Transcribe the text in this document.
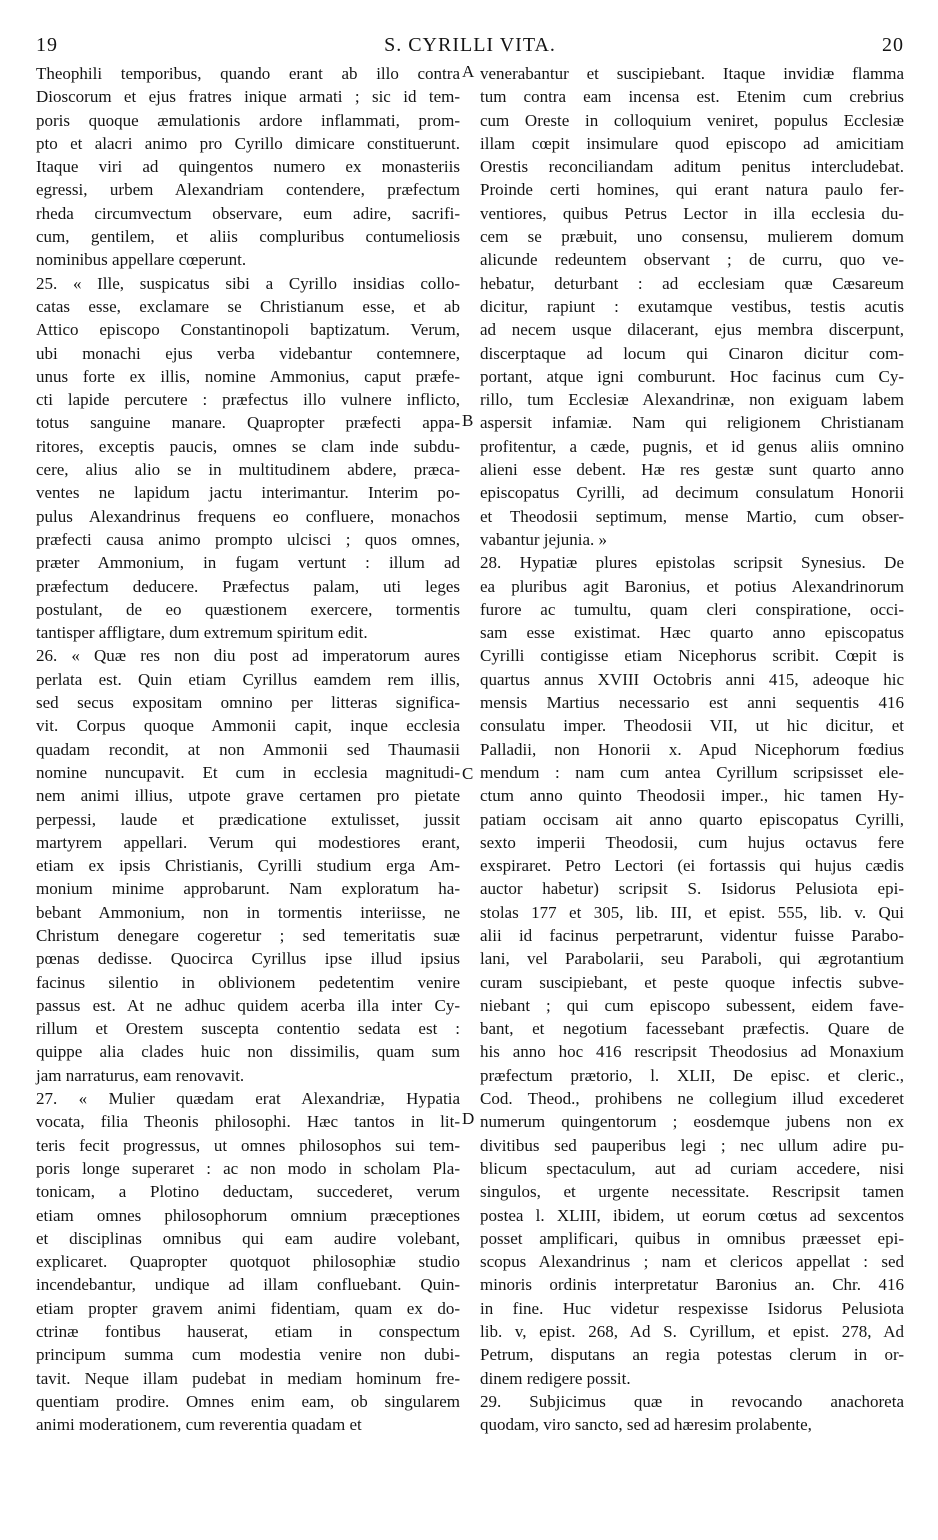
19	S. CYRILLI VITA.	20
Theophili temporibus, quando erant ab illo contra
Dioscorum et ejus fratres inique armati ; sic id tem-
poris quoque æmulationis ardore inflammati, prom-
pto et alacri animo pro Cyrillo dimicare constituerunt.
Itaque viri ad quingentos numero ex monasteriis
egressi, urbem Alexandriam contendere, præfectum
rheda circumvectum observare, eum adire, sacrifi-
cum, gentilem, et aliis compluribus contumeliosis
nominibus appellare cœperunt.
25. « Ille, suspicatus sibi a Cyrillo insidias collo-
catas esse, exclamare se Christianum esse, et ab
Attico episcopo Constantinopoli baptizatum. Verum,
ubi monachi ejus verba videbantur contemnere,
unus forte ex illis, nomine Ammonius, caput præfe-
cti lapide percutere : præfectus illo vulnere inflicto,
totus sanguine manare. Quapropter præfecti appa-
ritores, exceptis paucis, omnes se clam inde subdu-
cere, alius alio se in multitudinem abdere, præca-
ventes ne lapidum jactu interimantur. Interim po-
pulus Alexandrinus frequens eo confluere, monachos
præfecti causa animo prompto ulcisci ; quos omnes,
præter Ammonium, in fugam vertunt : illum ad
præfectum deducere. Præfectus palam, uti leges
postulant, de eo quæstionem exercere, tormentis
tantisper affligtare, dum extremum spiritum edit.
26. « Quæ res non diu post ad imperatorum aures
perlata est. Quin etiam Cyrillus eamdem rem illis,
sed secus expositam omnino per litteras significa-
vit. Corpus quoque Ammonii capit, inque ecclesia
quadam recondit, at non Ammonii sed Thaumasii
nomine nuncupavit. Et cum in ecclesia magnitudi-
nem animi illius, utpote grave certamen pro pietate
perpessi, laude et prædicatione extulisset, jussit
martyrem appellari. Verum qui modestiores erant,
etiam ex ipsis Christianis, Cyrilli studium erga Am-
monium minime approbarunt. Nam exploratum ha-
bebant Ammonium, non in tormentis interiisse, ne
Christum denegare cogeretur ; sed temeritatis suæ
pœnas dedisse. Quocirca Cyrillus ipse illud ipsius
facinus silentio in oblivionem pedetentim venire
passus est. At ne adhuc quidem acerba illa inter Cy-
rillum et Orestem suscepta contentio sedata est :
quippe alia clades huic non dissimilis, quam sum
jam narraturus, eam renovavit.
27. « Mulier quædam erat Alexandriæ, Hypatia
vocata, filia Theonis philosophi. Hæc tantos in lit-
teris fecit progressus, ut omnes philosophos sui tem-
poris longe superaret : ac non modo in scholam Pla-
tonicam, a Plotino deductam, succederet, verum
etiam omnes philosophorum omnium præceptiones
et disciplinas omnibus qui eam audire volebant,
explicaret. Quapropter quotquot philosophiæ studio
incendebantur, undique ad illam confluebant. Quin-
etiam propter gravem animi fidentiam, quam ex do-
ctrinæ fontibus hauserat, etiam in conspectum
principum summa cum modestia venire non dubi-
tavit. Neque illam pudebat in mediam hominum fre-
quentiam prodire. Omnes enim eam, ob singularem
animi moderationem, cum reverentia quadam et
A
B
C
D
venerabantur et suscipiebant. Itaque invidiæ flamma
tum contra eam incensa est. Etenim cum crebrius
cum Oreste in colloquium veniret, populus Ecclesiæ
illam cœpit insimulare quod episcopo ad amicitiam
Orestis reconciliandam aditum penitus intercludebat.
Proinde certi homines, qui erant natura paulo fer-
ventiores, quibus Petrus Lector in illa ecclesia du-
cem se præbuit, uno consensu, mulierem domum
alicunde redeuntem observant ; de curru, quo ve-
hebatur, deturbant : ad ecclesiam quæ Cæsareum
dicitur, rapiunt : exutamque vestibus, testis acutis
ad necem usque dilacerant, ejus membra discerpunt,
discerptaque ad locum qui Cinaron dicitur com-
portant, atque igni comburunt. Hoc facinus cum Cy-
rillo, tum Ecclesiæ Alexandrinæ, non exiguam labem
aspersit infamiæ. Nam qui religionem Christianam
profitentur, a cæde, pugnis, et id genus aliis omnino
alieni esse debent. Hæ res gestæ sunt quarto anno
episcopatus Cyrilli, ad decimum consulatum Honorii
et Theodosii septimum, mense Martio, cum obser-
vabantur jejunia. »
28. Hypatiæ plures epistolas scripsit Synesius. De
ea pluribus agit Baronius, et potius Alexandrinorum
furore ac tumultu, quam cleri conspiratione, occi-
sam esse existimat. Hæc quarto anno episcopatus
Cyrilli contigisse etiam Nicephorus scribit. Cœpit is
quartus annus XVIII Octobris anni 415, adeoque hic
mensis Martius necessario est anni sequentis 416
consulatu imper. Theodosii VII, ut hic dicitur, et
Palladii, non Honorii x. Apud Nicephorum fœdius
mendum : nam cum antea Cyrillum scripsisset ele-
ctum anno quinto Theodosii imper., hic tamen Hy-
patiam occisam ait anno quarto episcopatus Cyrilli,
sexto imperii Theodosii, cum hujus octavus fere
exspiraret. Petro Lectori (ei fortassis qui hujus cædis
auctor habetur) scripsit S. Isidorus Pelusiota epi-
stolas 177 et 305, lib. III, et epist. 555, lib. v. Qui
alii id facinus perpetrarunt, videntur fuisse Parabo-
lani, vel Parabolarii, seu Paraboli, qui ægrotantium
curam suscipiebant, et peste quoque infectis subve-
niebant ; qui cum episcopo subessent, eidem fave-
bant, et negotium facessebant præfectis. Quare de
his anno hoc 416 rescripsit Theodosius ad Monaxium
præfectum prætorio, l. XLII, De episc. et cleric.,
Cod. Theod., prohibens ne collegium illud excederet
numerum quingentorum ; eosdemque jubens non ex
divitibus sed pauperibus legi ; nec ullum adire pu-
blicum spectaculum, aut ad curiam accedere, nisi
singulos, et urgente necessitate. Rescripsit tamen
postea l. XLIII, ibidem, ut eorum cœtus ad sexcentos
posset amplificari, quibus in omnibus præesset epi-
scopus Alexandrinus ; nam et clericos appellat : sed
minoris ordinis interpretatur Baronius an. Chr. 416
in fine. Huc videtur respexisse Isidorus Pelusiota
lib. v, epist. 268, Ad S. Cyrillum, et epist. 278, Ad
Petrum, disputans an regia potestas clerum in or-
dinem redigere possit.
29. Subjicimus quæ in revocando anachoreta
quodam, viro sancto, sed ad hæresim prolabente,
